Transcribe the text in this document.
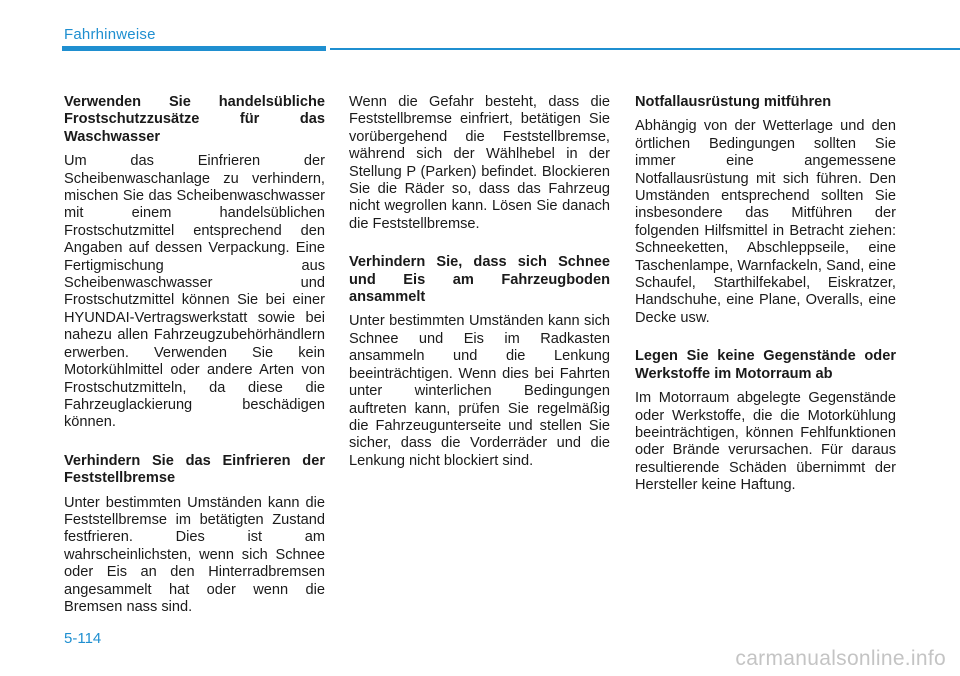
Fahrhinweise
Verwenden Sie handelsübliche Frostschutzzusätze für das Waschwasser

Um das Einfrieren der Scheibenwaschanlage zu verhindern, mischen Sie das Scheibenwaschwasser mit einem handelsüblichen Frostschutzmittel entsprechend den Angaben auf dessen Verpackung. Eine Fertigmischung aus Scheibenwaschwasser und Frostschutzmittel können Sie bei einer HYUNDAI-Vertragswerkstatt sowie bei nahezu allen Fahrzeugzubehörhändlern erwerben. Verwenden Sie kein Motorkühlmittel oder andere Arten von Frostschutzmitteln, da diese die Fahrzeuglackierung beschädigen können.

Verhindern Sie das Einfrieren der Feststellbremse

Unter bestimmten Umständen kann die Feststellbremse im betätigten Zustand festfrieren. Dies ist am wahrscheinlichsten, wenn sich Schnee oder Eis an den Hinterradbremsen angesammelt hat oder wenn die Bremsen nass sind.

Wenn die Gefahr besteht, dass die Feststellbremse einfriert, betätigen Sie vorübergehend die Feststellbremse, während sich der Wählhebel in der Stellung P (Parken) befindet. Blockieren Sie die Räder so, dass das Fahrzeug nicht wegrollen kann. Lösen Sie danach die Feststellbremse.

Verhindern Sie, dass sich Schnee und Eis am Fahrzeugboden ansammelt

Unter bestimmten Umständen kann sich Schnee und Eis im Radkasten ansammeln und die Lenkung beeinträchtigen. Wenn dies bei Fahrten unter winterlichen Bedingungen auftreten kann, prüfen Sie regelmäßig die Fahrzeugunterseite und stellen Sie sicher, dass die Vorderräder und die Lenkung nicht blockiert sind.

Notfallausrüstung mitführen

Abhängig von der Wetterlage und den örtlichen Bedingungen sollten Sie immer eine angemessene Notfallausrüstung mit sich führen. Den Umständen entsprechend sollten Sie insbesondere das Mitführen der folgenden Hilfsmittel in Betracht ziehen: Schneeketten, Abschleppseile, eine Taschenlampe, Warnfackeln, Sand, eine Schaufel, Starthilfekabel, Eiskratzer, Handschuhe, eine Plane, Overalls, eine Decke usw.

Legen Sie keine Gegenstände oder Werkstoffe im Motorraum ab

Im Motorraum abgelegte Gegenstände oder Werkstoffe, die die Motorkühlung beeinträchtigen, können Fehlfunktionen oder Brände verursachen. Für daraus resultierende Schäden übernimmt der Hersteller keine Haftung.

5-114
carmanualsonline.info
